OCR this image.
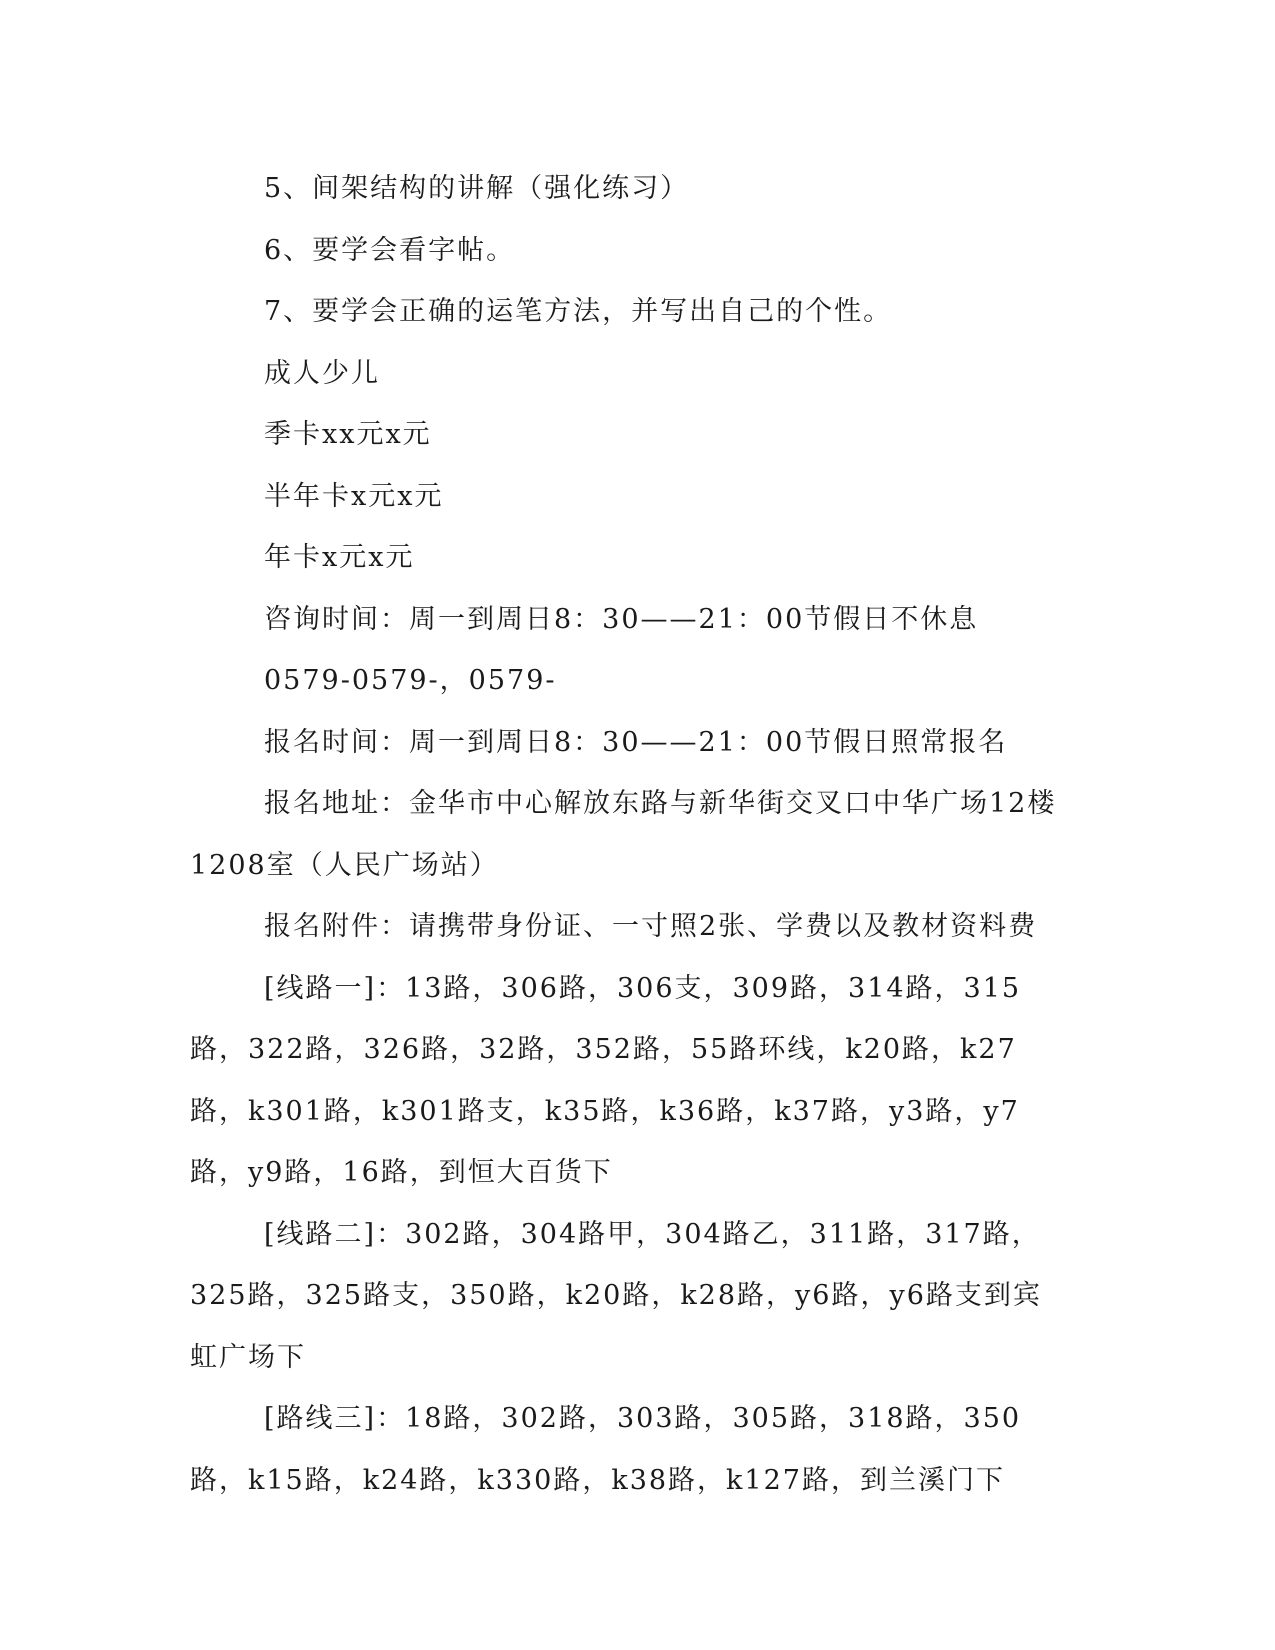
5、间架结构的讲解（强化练习）

6、要学会看字帖。

7、要学会正确的运笔方法，并写出自己的个性。

成人少儿

季卡xx元x元

半年卡x元x元

年卡x元x元

咨询时间：周一到周日8：30——21：00节假日不休息

0579-0579-，0579-

报名时间：周一到周日8：30——21：00节假日照常报名

报名地址：金华市中心解放东路与新华街交叉口中华广场12楼1208室（人民广场站）

报名附件：请携带身份证、一寸照2张、学费以及教材资料费

[线路一]：13路，306路，306支，309路，314路，315路，322路，326路，32路，352路，55路环线，k20路，k27路，k301路，k301路支，k35路，k36路，k37路，y3路，y7路，y9路，16路，到恒大百货下

[线路二]：302路，304路甲，304路乙，311路，317路，325路，325路支，350路，k20路，k28路，y6路，y6路支到宾虹广场下

[路线三]：18路，302路，303路，305路，318路，350路，k15路，k24路，k330路，k38路，k127路，到兰溪门下
